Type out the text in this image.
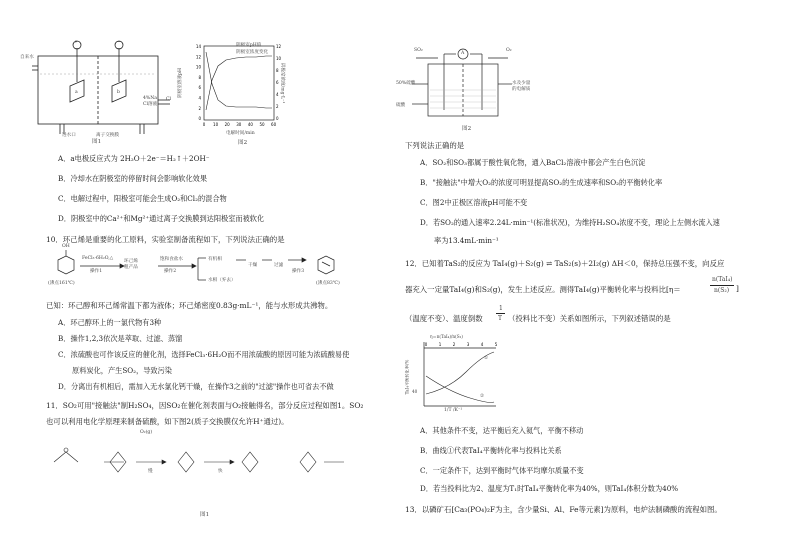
自来水
进水口	离子交换膜
a	b
+	−
4%Na
Cl溶液
Cl
图1
14
12
10
8
6
4
2
0
12
10
8
6
4
2
0
0 10 20 30 40 50 60
阴极室pH值
阴极室浓度变化
阴极室溶液pH	阴极室浓度/mg·L⁻¹
电解时间/min
图2
A．a电极反应式为 2H₂O＋2e⁻＝H₂↑＋2OH⁻
B．冷却水在阴极室的停留时间会影响软化效果
C．电解过程中，阳极室可能会生成O₂和Cl₂的混合物
D．阴极室中的Ca²⁺和Mg²⁺通过离子交换膜到达阳极室而被软化
10．环己烯是重要的化工原料，实验室制备流程如下，下列说法正确的是
OH
FeCl₃·6H₂O,△
操作1
环己烯
粗产品
饱和食盐水
操作2
有机相
干燥	过滤
操作3
水相（弃去）
(沸点161℃)	(沸点83℃)
已知：环己醇和环己烯常温下都为液体；环己烯密度0.83g·mL⁻¹，能与水形成共沸物。
A．环己醇环上的一氯代物有3种
B．操作1,2,3依次是萃取、过滤、蒸馏
C．浓硫酸也可作该反应的催化剂，选择FeCl₃·6H₂O而不用浓硫酸的原因可能为浓硫酸易使
原料炭化，产生SO₂，导致污染
D．分离出有机相后，需加入无水氯化钙干燥，在操作3之前的"过滤"操作也可省去不做
11．SO₂可用"接触法"制H₂SO₄，因SO₂在催化剂表面与O₂接触得名，部分反应过程如图1。SO₂
也可以利用电化学原理来制备硫酸，如下图2(质子交换膜仅允许H⁺通过)。
O₂(g)
慢	快
图1
SO₂	O₂
A
50%硫酸	水及少量
的电解质
硫酸
图2
下列说法正确的是
A．SO₂和SO₃都属于酸性氧化物，通入BaCl₂溶液中都会产生白色沉淀
B．"接触法"中增大O₂的浓度可明显提高SO₂的生成速率和SO₂的平衡转化率
C．图2中正极区溶液pH可能不变
D．若SO₂的通入速率2.24L·min⁻¹(标准状况)，为维持H₂SO₄浓度不变，理论上左侧水流入速
率为13.4mL·min⁻¹
12．已知着TaS₂的反应为 TaI₄(g)＋S₂(g) ⇌ TaS₂(s)＋2I₂(g) ΔH＜0，保持总压强不变，向反应
器充入一定量TaI₄(g)和S₂(g)，发生上述反应。测得TaI₄(g)平衡转化率与投料比[η＝
n(TaI₄)
n(S₂) ]
（温度不变）、温度倒数
1
T （投料比不变）关系如图所示，下列叙述错误的是
0	1	2	3	4	5
η＝n(TaI₄)/n(S₂)
TaI₄平衡转化率/%
1/T /K⁻¹
①
②
40
A．其他条件不变，达平衡后充入氦气，平衡不移动
B．曲线①代表TaI₄平衡转化率与投料比关系
C．一定条件下，达到平衡时气体平均摩尔质量不变
D．若当投料比为2、温度为T₁时TaI₄平衡转化率为40%，则TaI₄体积分数为40%
13．以磷矿石[Ca₃(PO₄)₂F为主，含少量Si、Al、Fe等元素]为原料，电炉法制磷酸的流程如图。
